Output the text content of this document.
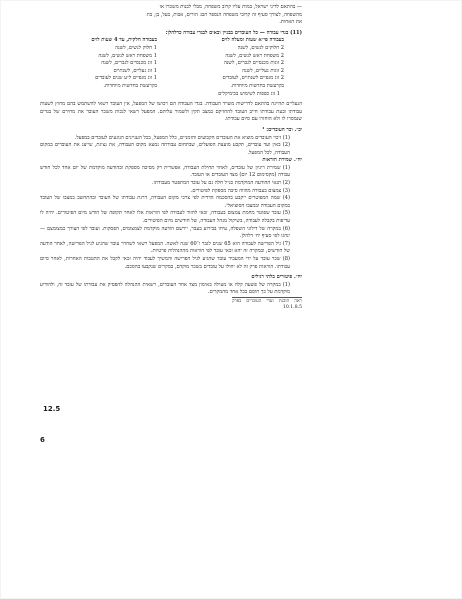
— בהתאם לדיני ישראל, במות עליו קרוב משפחה, מבלי לבנות משכרו או

מהשפחה, לצורך סעיף זה קרובי משפחה הנספר הם: הורים, אבות, בעל, בן, בת

את האחות.

(11) בגדי עבודה — כל העובדים בבניין ובאים לבגדי עבודה כדלהלן:

בעבודה פי״א שעות ומעלה לוים

2 חלוקים לנשים, לשנה

2 משפחת ראש לנשים, לשנה

2 זוגות מכנסיים לגברים, לשנה

2 זוגות נעליים, לשנה

2 זוג מגפיים לשנתיים, לעובדים

בקרעשת בחדשות מיוחדות.

בעבודה חלקית, עד 4 שעות לוים

1 חלוק לנשים, לשנה

1 משפחת ראש לנשים, לשנה

1 זוג מכנסיים לגברים, לשנה

1 זוג נעליים, לשנתיים

1 זוג מגפיים ל״ע שנים לעובדים

בקרעשת בחדשות מיוחדות.

1 זוג כפפות לשימוש בכימיקלים

הנעליים תהיינה בהתאם לדרישות משרד העבודה. בגדי העבודה הם רכושו של המפעל, אין העובד רשאי להשתמש בהם מחוץ לשעות עבודתו ובעת עבודתו חייב העובד להחזיקם במצב תקין ולשמור עליהם. המפעל רשאי לנכות משכר העובד את מחירם של בגדים שנמסרו לו ולא הוחזרו עם סיום עבודתו.

יב״. וכר העובדים: ¹

(1) זיכוי העובדים מוציא את העובדים הקבועים והזמניים, כלל המפעל, בכל העניינים הנוגעים לעובדים במפעל.

(2) באין ועד עובדים, תקבע מועצת הפועלים, שבתחום עבודתה נמצא מקום העבודה, את נציגת, שייצג את העובדים במקום העבודה, לכל המפעל.

יח״. שמירת הוראות

(1) שמירת ריגיון של עובדים, לאחר תחילת העבודה, אפשרית רק מסיבה מספקת ובהודעה מוקדמת של יום אחד לכל חודש עבודה (מקסימום 12 יום) מצד העובדים או העובד.

(2) תנאי ההודעה המוקדמת כנ״ל חלה גם על עובד המתפטר מעבודתו.

(3) צמצום בעבודה מהווה סיבה מספקת לפיטורים.

(4) שמה המפוטרים ייקבע בהסכמה הדדית לפי צרכי מקום העבודה, דרגת עבודתו של העובד ובהתחשב במצבו של העובד במקום העבודה ובמצבו הסוציאלי.

(5) עובד שפוטר מחמת צמצום בעבודה, זכאי לחזור לעבודה לפי הוראות אלו לאחר תקופה של חודש מיום הפיטורים. יהיה לו עדיפות בקבלה לעבודה, בשיקול מנהל העבודה, של חודשים מיום הפיטורים.

(6) במקרה של דילוגי השפלה, עיחו בבירוע בעבר, יירשם הודעה מוקדמת לצמצומים, הפסקות. ועובד לפי הצורך כמצומצם — ינהגו לפי סעיף יח׳ דלהלן.

(7) גיל הפרישה לעבודה הוא 65 שנים לגבר ו־60 שנה לאשה. המפעל רשאי לשחרר עובד שהגיע לגיל הפרישה, לאחר הודעה של חודשים, ובמקרה זה יהא זכאי עובד לפי הוראות מההנהלות פרטיות.

(8) שכר עובד על ידי המעביד עובד שהגיע לגיל הפרישה והמשיך לעבוד יהיה זכאי לקבל את ההטבות האחרות, לאחר סיום עבודתו. הוראות פרק זה לא יחולו על עובדים בשכר מוקדם, במקרים שנקבעו בהסכם.

יח״. פיטורים בלתי רגילים

(1) במקרה של פשעה קלה או מעילה באימון מצד אחד העובדים, רשאית ההנהלה להפסיק את עבודתו של עובד זה, ולהודיע מוקדמת על כך חוסם בכל אחד מהמקרים.

ראה תוכנת ועדי העובדים בפרק 10.1.8.5

12.5
6
